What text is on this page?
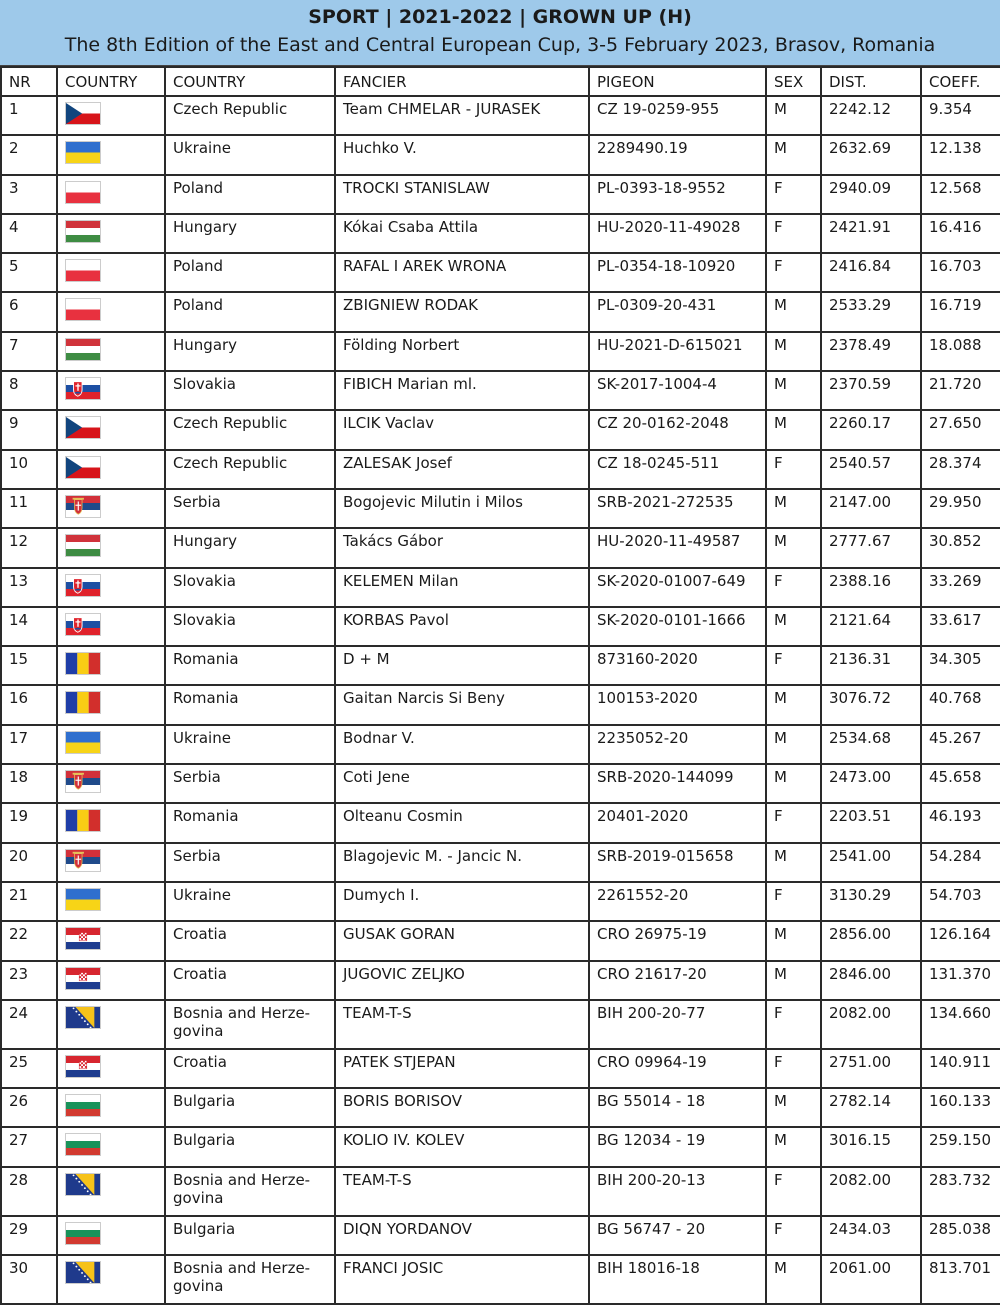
SPORT | 2021-2022 | GROWN UP (H)
The 8th Edition of the East and Central European Cup, 3-5 February 2023, Brasov, Romania
NR	COUNTRY	COUNTRY	FANCIER	PIGEON	SEX	DIST.	COEFF.
1		Czech Republic	Team CHMELAR - JURASEK	CZ 19-0259-955	M	2242.12	9.354
2		Ukraine	Huchko V.	2289490.19	M	2632.69	12.138
3		Poland	TROCKI STANISLAW	PL-0393-18-9552	F	2940.09	12.568
4		Hungary	Kókai Csaba Attila	HU-2020-11-49028	F	2421.91	16.416
5		Poland	RAFAL I AREK WRONA	PL-0354-18-10920	F	2416.84	16.703
6		Poland	ZBIGNIEW RODAK	PL-0309-20-431	M	2533.29	16.719
7		Hungary	Földing Norbert	HU-2021-D-615021	M	2378.49	18.088
8		Slovakia	FIBICH Marian ml.	SK-2017-1004-4	M	2370.59	21.720
9		Czech Republic	ILCIK Vaclav	CZ 20-0162-2048	M	2260.17	27.650
10		Czech Republic	ZALESAK Josef	CZ 18-0245-511	F	2540.57	28.374
11		Serbia	Bogojevic Milutin i Milos	SRB-2021-272535	M	2147.00	29.950
12		Hungary	Takács Gábor	HU-2020-11-49587	M	2777.67	30.852
13		Slovakia	KELEMEN Milan	SK-2020-01007-649	F	2388.16	33.269
14		Slovakia	KORBAS Pavol	SK-2020-0101-1666	M	2121.64	33.617
15		Romania	D + M	873160-2020	F	2136.31	34.305
16		Romania	Gaitan Narcis Si Beny	100153-2020	M	3076.72	40.768
17		Ukraine	Bodnar V.	2235052-20	M	2534.68	45.267
18		Serbia	Coti Jene	SRB-2020-144099	M	2473.00	45.658
19		Romania	Olteanu Cosmin	20401-2020	F	2203.51	46.193
20		Serbia	Blagojevic M. - Jancic N.	SRB-2019-015658	M	2541.00	54.284
21		Ukraine	Dumych I.	2261552-20	F	3130.29	54.703
22		Croatia	GUSAK GORAN	CRO 26975-19	M	2856.00	126.164
23		Croatia	JUGOVIC ZELJKO	CRO 21617-20	M	2846.00	131.370
24		Bosnia and Herze-
govina	TEAM-T-S	BIH 200-20-77	F	2082.00	134.660
25		Croatia	PATEK STJEPAN	CRO 09964-19	F	2751.00	140.911
26		Bulgaria	BORIS BORISOV	BG 55014 - 18	M	2782.14	160.133
27		Bulgaria	KOLIO IV. KOLEV	BG 12034 - 19	M	3016.15	259.150
28		Bosnia and Herze-
govina	TEAM-T-S	BIH 200-20-13	F	2082.00	283.732
29		Bulgaria	DIQN YORDANOV	BG 56747 - 20	F	2434.03	285.038
30		Bosnia and Herze-
govina	FRANCI JOSIC	BIH 18016-18	M	2061.00	813.701
